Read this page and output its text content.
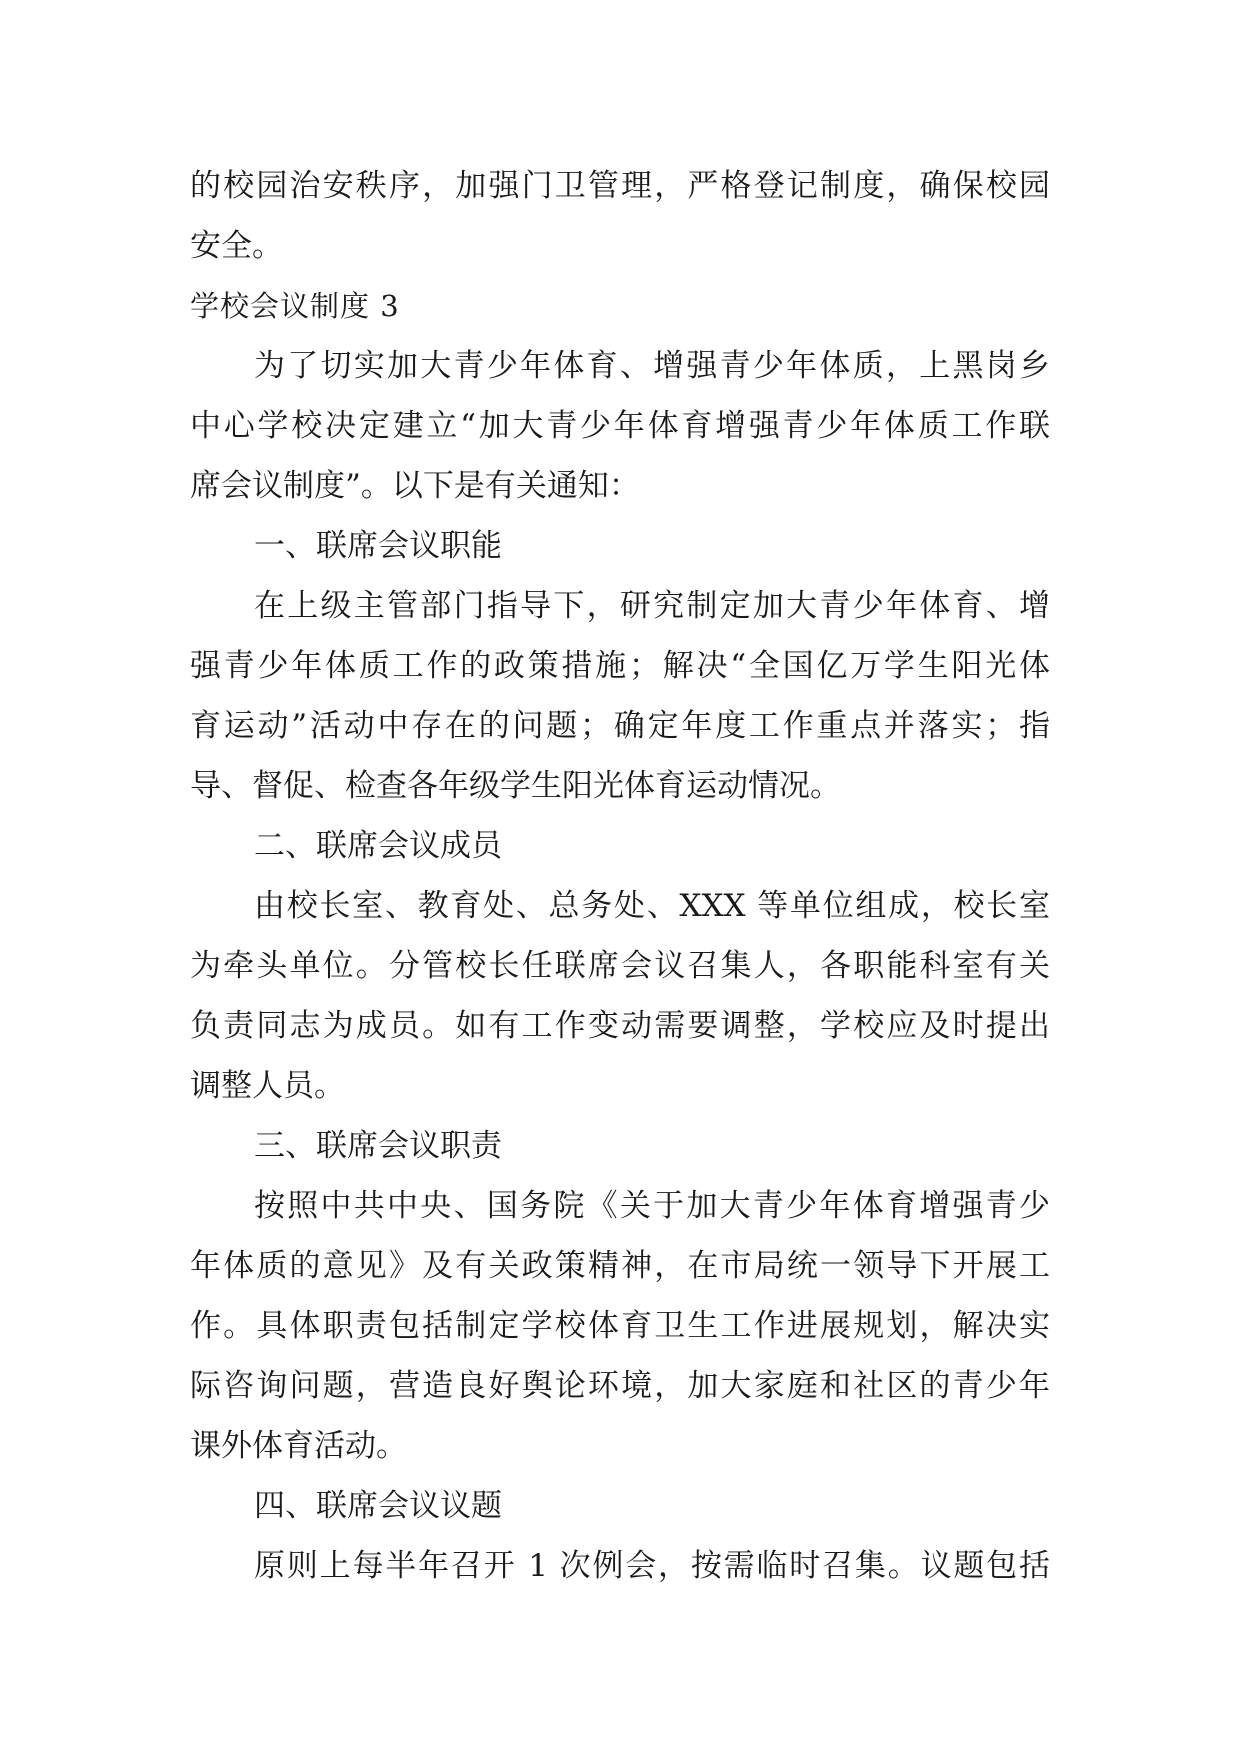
的校园治安秩序，加强门卫管理，严格登记制度，确保校园
安全。
学校会议制度 3
为了切实加大青少年体育、增强青少年体质，上黑岗乡
中心学校决定建立“加大青少年体育增强青少年体质工作联
席会议制度”。以下是有关通知：
一、联席会议职能
在上级主管部门指导下，研究制定加大青少年体育、增
强青少年体质工作的政策措施；解决“全国亿万学生阳光体
育运动”活动中存在的问题；确定年度工作重点并落实；指
导、督促、检查各年级学生阳光体育运动情况。
二、联席会议成员
由校长室、教育处、总务处、XXX 等单位组成，校长室
为牵头单位。分管校长任联席会议召集人，各职能科室有关
负责同志为成员。如有工作变动需要调整，学校应及时提出
调整人员。
三、联席会议职责
按照中共中央、国务院《关于加大青少年体育增强青少
年体质的意见》及有关政策精神，在市局统一领导下开展工
作。具体职责包括制定学校体育卫生工作进展规划，解决实
际咨询问题，营造良好舆论环境，加大家庭和社区的青少年
课外体育活动。
四、联席会议议题
原则上每半年召开 1 次例会，按需临时召集。议题包括
